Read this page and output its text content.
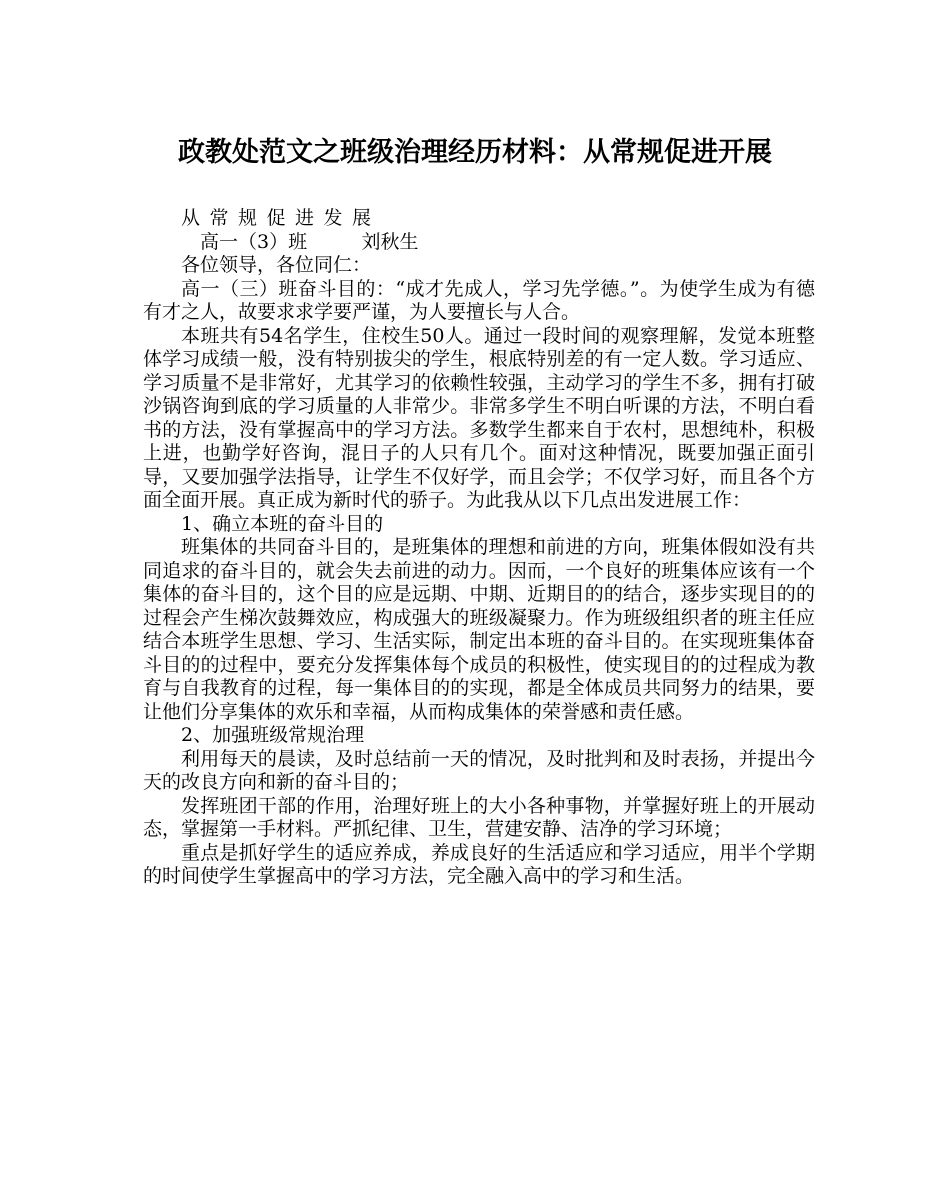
政教处范文之班级治理经历材料：从常规促进开展

从常规促进发展

高一（3）班	刘秋生

各位领导，各位同仁：

高一（三）班奋斗目的：“成才先成人，学习先学德。”。为使学生成为有德有才之人，故要求求学要严谨，为人要擅长与人合。

本班共有54名学生，住校生50人。通过一段时间的观察理解，发觉本班整体学习成绩一般，没有特别拔尖的学生，根底特别差的有一定人数。学习适应、学习质量不是非常好，尤其学习的依赖性较强，主动学习的学生不多，拥有打破沙锅咨询到底的学习质量的人非常少。非常多学生不明白听课的方法，不明白看书的方法，没有掌握高中的学习方法。多数学生都来自于农村，思想纯朴，积极上进，也勤学好咨询，混日子的人只有几个。面对这种情况，既要加强正面引导，又要加强学法指导，让学生不仅好学，而且会学；不仅学习好，而且各个方面全面开展。真正成为新时代的骄子。为此我从以下几点出发进展工作：

1、确立本班的奋斗目的

班集体的共同奋斗目的，是班集体的理想和前进的方向，班集体假如没有共同追求的奋斗目的，就会失去前进的动力。因而，一个良好的班集体应该有一个集体的奋斗目的，这个目的应是远期、中期、近期目的的结合，逐步实现目的的过程会产生梯次鼓舞效应，构成强大的班级凝聚力。作为班级组织者的班主任应结合本班学生思想、学习、生活实际，制定出本班的奋斗目的。在实现班集体奋斗目的的过程中，要充分发挥集体每个成员的积极性，使实现目的的过程成为教育与自我教育的过程，每一集体目的的实现，都是全体成员共同努力的结果，要让他们分享集体的欢乐和幸福，从而构成集体的荣誉感和责任感。

2、加强班级常规治理

利用每天的晨读，及时总结前一天的情况，及时批判和及时表扬，并提出今天的改良方向和新的奋斗目的；

发挥班团干部的作用，治理好班上的大小各种事物，并掌握好班上的开展动态，掌握第一手材料。严抓纪律、卫生，营建安静、洁净的学习环境；

重点是抓好学生的适应养成，养成良好的生活适应和学习适应，用半个学期的时间使学生掌握高中的学习方法，完全融入高中的学习和生活。
